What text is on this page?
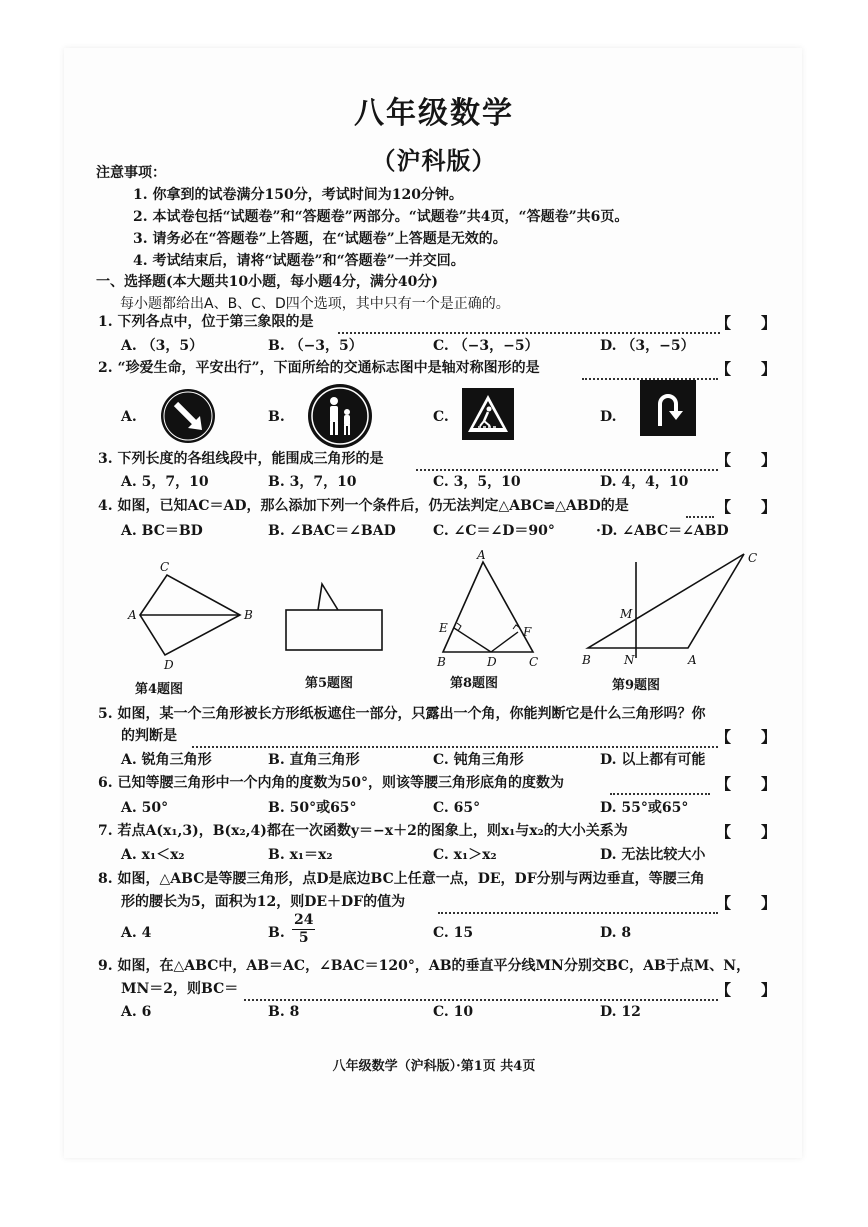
八年级数学
（沪科版）
注意事项：
1. 你拿到的试卷满分150分，考试时间为120分钟。
2. 本试卷包括“试题卷”和“答题卷”两部分。“试题卷”共4页，“答题卷”共6页。
3. 请务必在“答题卷”上答题，在“试题卷”上答题是无效的。
4. 考试结束后，请将“试题卷”和“答题卷”一并交回。
一、选择题(本大题共10小题，每小题4分，满分40分)
每小题都给出A、B、C、D四个选项，其中只有一个是正确的。
1. 下列各点中，位于第三象限的是	【　　】
A. （3，5）	B. （−3，5）	C. （−3，−5）	D. （3，−5）
2. “珍爱生命，平安出行”，下面所给的交通标志图中是轴对称图形的是	【　　】
A.	B.	C.	D.
3. 下列长度的各组线段中，能围成三角形的是	【　　】
A. 5，7，10	B. 3，7，10	C. 3，5，10	D. 4，4，10
4. 如图，已知AC＝AD，那么添加下列一个条件后，仍无法判定△ABC≌△ABD的是	【　　】
A. BC＝BD	B. ∠BAC＝∠BAD	C. ∠C＝∠D＝90°	·D. ∠ABC＝∠ABD
C
A	B
D
A
E	F
B	D	C
C
M
B	N	A
第4题图	第5题图	第8题图	第9题图
5. 如图，某一个三角形被长方形纸板遮住一部分，只露出一个角，你能判断它是什么三角形吗？你
的判断是	【　　】
A. 锐角三角形	B. 直角三角形	C. 钝角三角形	D. 以上都有可能
6. 已知等腰三角形中一个内角的度数为50°，则该等腰三角形底角的度数为	【　　】
A. 50°	B. 50°或65°	C. 65°	D. 55°或65°
7. 若点A(x₁,3)，B(x₂,4)都在一次函数y＝−x＋2的图象上，则x₁与x₂的大小关系为	【　　】
A. x₁＜x₂	B. x₁＝x₂	C. x₁＞x₂	D. 无法比较大小
8. 如图，△ABC是等腰三角形，点D是底边BC上任意一点，DE，DF分别与两边垂直，等腰三角
形的腰长为5，面积为12，则DE＋DF的值为	【　　】
A. 4	B. $\frac{24}{5}$	C. 15	D. 8
9. 如图，在△ABC中，AB＝AC，∠BAC＝120°，AB的垂直平分线MN分别交BC，AB于点M、N，
MN＝2，则BC＝	【　　】
A. 6	B. 8	C. 10	D. 12
八年级数学（沪科版）·第1页 共4页
